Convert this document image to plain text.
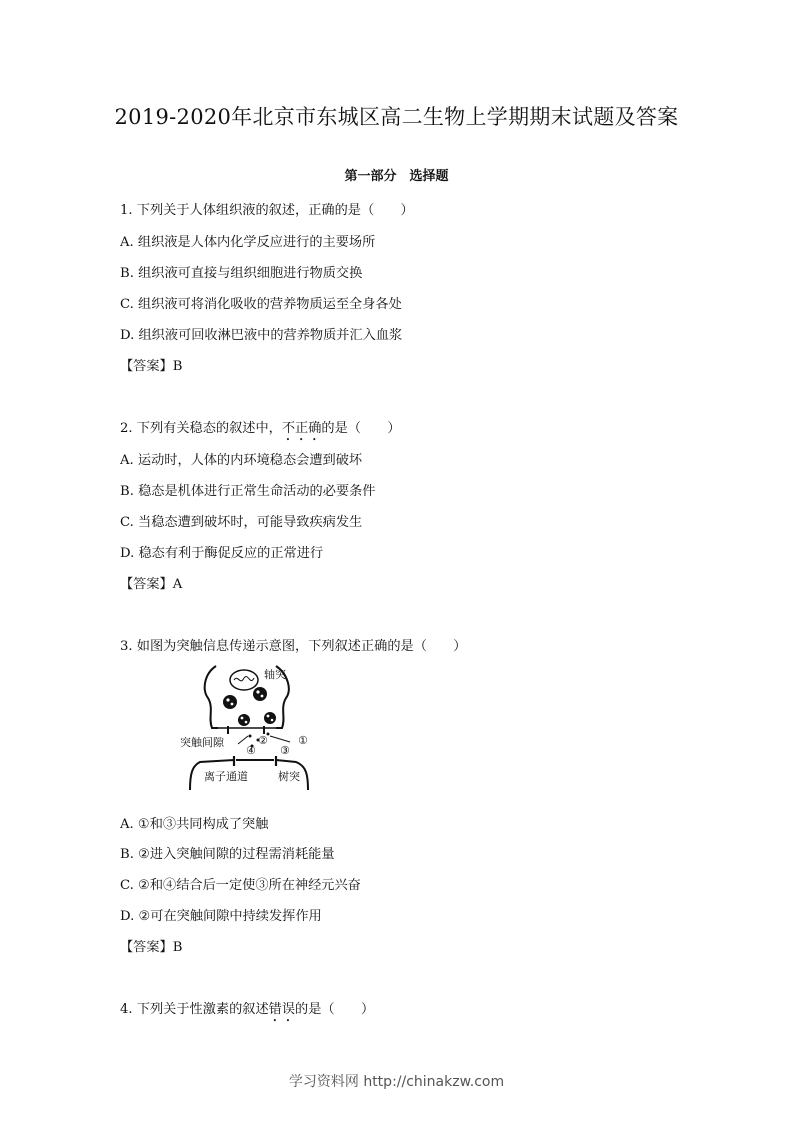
2019-2020年北京市东城区高二生物上学期期末试题及答案
第一部分　选择题
1. 下列关于人体组织液的叙述，正确的是（　　）
A. 组织液是人体内化学反应进行的主要场所
B. 组织液可直接与组织细胞进行物质交换
C. 组织液可将消化吸收的营养物质运至全身各处
D. 组织液可回收淋巴液中的营养物质并汇入血浆
【答案】B
2. 下列有关稳态的叙述中，不正确的是（　　）
A. 运动时，人体的内环境稳态会遭到破坏
B. 稳态是机体进行正常生命活动的必要条件
C. 当稳态遭到破坏时，可能导致疾病发生
D. 稳态有利于酶促反应的正常进行
【答案】A
3. 如图为突触信息传递示意图，下列叙述正确的是（　　）
轴突
突触间隙
离子通道	树突
②	①
④ ③
A. ①和③共同构成了突触
B. ②进入突触间隙的过程需消耗能量
C. ②和④结合后一定使③所在神经元兴奋
D. ②可在突触间隙中持续发挥作用
【答案】B
4. 下列关于性激素的叙述错误的是（　　）
学习资料网 http://chinakzw.com
